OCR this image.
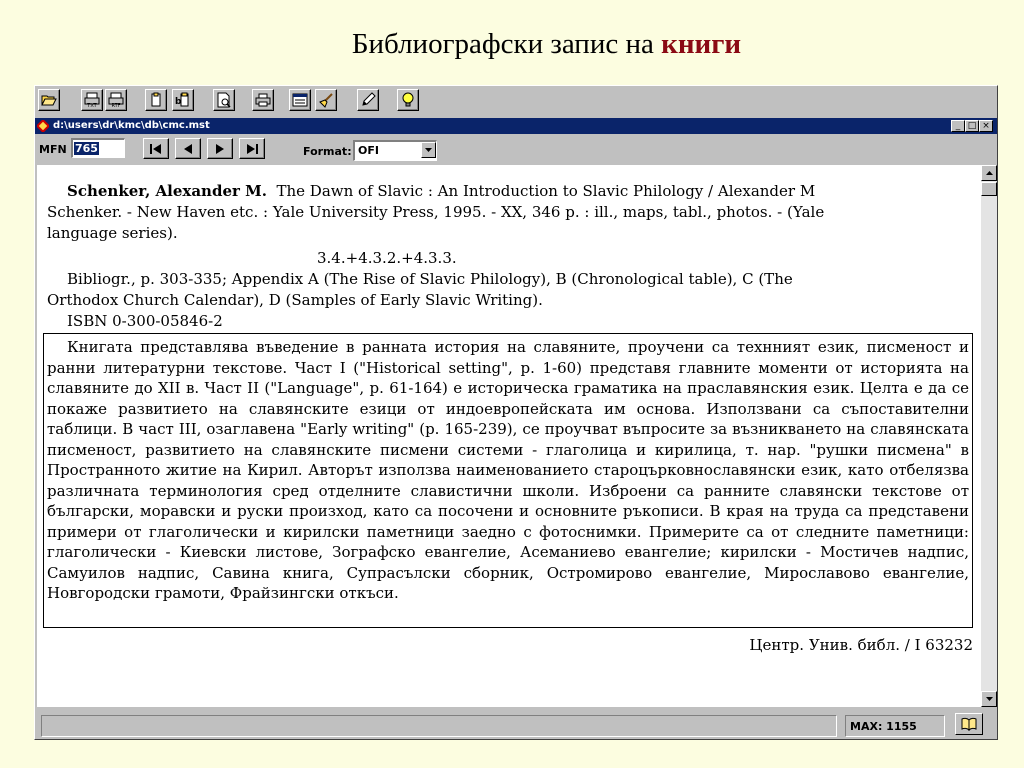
Библиографски запис на книги
TXT	RTF	b
d:\users\dr\kmc\db\cmc.mst	_ □ ×
MFN 765	Format: OFI
Schenker, Alexander M. The Dawn of Slavic : An Introduction to Slavic Philology / Alexander M
Schenker. - New Haven etc. : Yale University Press, 1995. - XX, 346 p. : ill., maps, tabl., photos. - (Yale
language series).
3.4.+4.3.2.+4.3.3.
Bibliogr., p. 303-335; Appendix A (The Rise of Slavic Philology), B (Chronological table), C (The
Orthodox Church Calendar), D (Samples of Early Slavic Writing).
ISBN 0-300-05846-2
Книгата представлява въведение в ранната история на славяните, проучени са технният език, писменост и ранни литературни текстове. Част I ("Historical setting", p. 1-60) представя главните моменти от историята на славяните до XII в. Част II ("Language", p. 61-164) е историческа граматика на праславянския език. Целта е да се покаже развитието на славянските езици от индоевропейската им основа. Използвани са съпоставителни таблици. В част III, озаглавена "Early writing" (p. 165-239), се проучват въпросите за възникването на славянската писменост, развитието на славянските писмени системи - глаголица и кирилица, т. нар. "рушки писмена" в Пространното житие на Кирил. Авторът използва наименованието староцърковнославянски език, като отбелязва различната терминология сред отделните славистични школи. Изброени са ранните славянски текстове от български, моравски и руски произход, като са посочени и основните ръкописи. В края на труда са представени примери от глаголически и кирилски паметници заедно с фотоснимки. Примерите са от следните паметници: глаголически - Киевски листове, Зографско евангелие, Асеманиево евангелие; кирилски - Мостичев надпис, Самуилов надпис, Савина книга, Супрасълски сборник, Остромирово евангелие, Мирославово евангелие, Новгородски грамоти, Фрайзингски откъси.
Центр. Унив. библ. / I 63232
MAX: 1155
